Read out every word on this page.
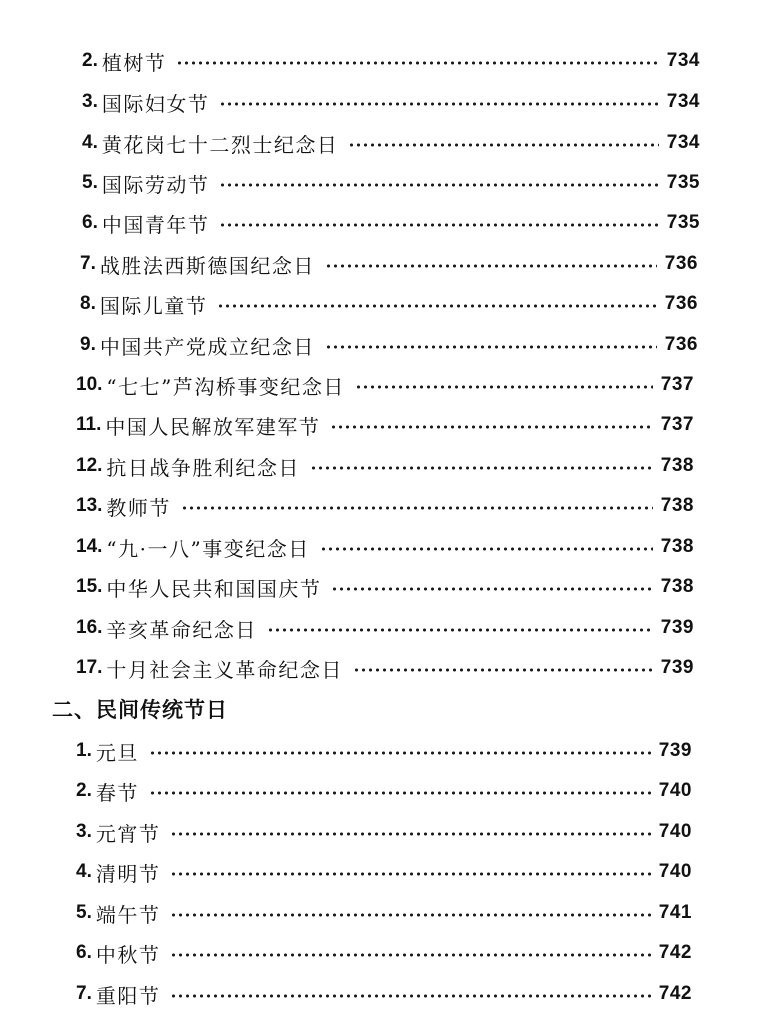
2. 植树节	734
3. 国际妇女节	734
4. 黄花岗七十二烈士纪念日	734
5. 国际劳动节	735
6. 中国青年节	735
7. 战胜法西斯德国纪念日	736
8. 国际儿童节	736
9. 中国共产党成立纪念日	736
10. “七七”芦沟桥事变纪念日	737
11. 中国人民解放军建军节	737
12. 抗日战争胜利纪念日	738
13. 教师节	738
14. “九·一八”事变纪念日	738
15. 中华人民共和国国庆节	738
16. 辛亥革命纪念日	739
17. 十月社会主义革命纪念日	739
二、民间传统节日
1. 元旦	739
2. 春节	740
3. 元宵节	740
4. 清明节	740
5. 端午节	741
6. 中秋节	742
7. 重阳节	742
